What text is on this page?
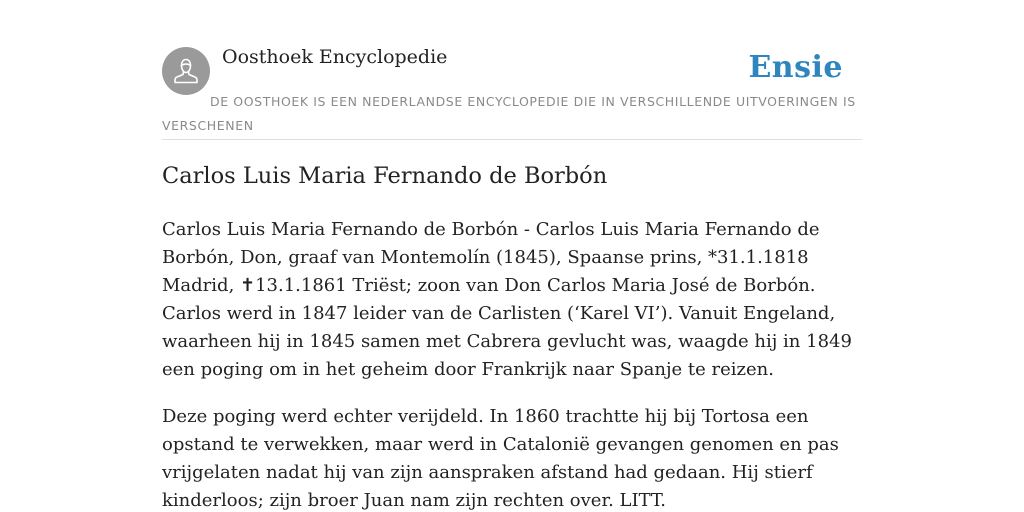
Oosthoek Encyclopedie	Ensie
DE OOSTHOEK IS EEN NEDERLANDSE ENCYCLOPEDIE DIE IN VERSCHILLENDE UITVOERINGEN IS VERSCHENEN
Carlos Luis Maria Fernando de Borbón

Carlos Luis Maria Fernando de Borbón - Carlos Luis Maria Fernando de Borbón, Don, graaf van Montemolín (1845), Spaanse prins, *31.1.1818 Madrid, ✝13.1.1861 Triëst; zoon van Don Carlos Maria José de Borbón. Carlos werd in 1847 leider van de Carlisten (‘Karel VI’). Vanuit Engeland, waarheen hij in 1845 samen met Cabrera gevlucht was, waagde hij in 1849 een poging om in het geheim door Frankrijk naar Spanje te reizen.

Deze poging werd echter verijdeld. In 1860 trachtte hij bij Tortosa een opstand te verwekken, maar werd in Catalonië gevangen genomen en pas vrijgelaten nadat hij van zijn aanspraken afstand had gedaan. Hij stierf kinderloos; zijn broer Juan nam zijn rechten over. LITT.
